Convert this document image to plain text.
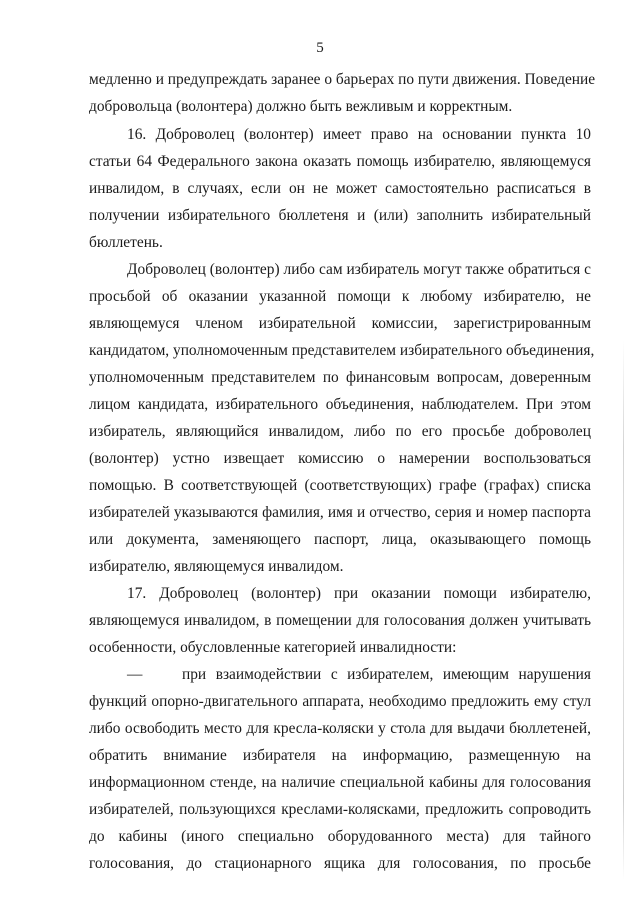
5
медленно и предупреждать заранее о барьерах по пути движения. Поведение
добровольца (волонтера) должно быть вежливым и корректным.
16. Доброволец (волонтер) имеет право на основании пункта 10
статьи 64 Федерального закона оказать помощь избирателю, являющемуся
инвалидом, в случаях, если он не может самостоятельно расписаться в
получении избирательного бюллетеня и (или) заполнить избирательный
бюллетень.
Доброволец (волонтер) либо сам избиратель могут также обратиться с
просьбой об оказании указанной помощи к любому избирателю, не
являющемуся членом избирательной комиссии, зарегистрированным
кандидатом, уполномоченным представителем избирательного объединения,
уполномоченным представителем по финансовым вопросам, доверенным
лицом кандидата, избирательного объединения, наблюдателем. При этом
избиратель, являющийся инвалидом, либо по его просьбе доброволец
(волонтер) устно извещает комиссию о намерении воспользоваться
помощью. В соответствующей (соответствующих) графе (графах) списка
избирателей указываются фамилия, имя и отчество, серия и номер паспорта
или документа, заменяющего паспорт, лица, оказывающего помощь
избирателю, являющемуся инвалидом.
17. Доброволец (волонтер) при оказании помощи избирателю,
являющемуся инвалидом, в помещении для голосования должен учитывать
особенности, обусловленные категорией инвалидности:
—	при взаимодействии с избирателем, имеющим нарушения
функций опорно-двигательного аппарата, необходимо предложить ему стул
либо освободить место для кресла-коляски у стола для выдачи бюллетеней,
обратить внимание избирателя на информацию, размещенную на
информационном стенде, на наличие специальной кабины для голосования
избирателей, пользующихся креслами-колясками, предложить сопроводить
до кабины (иного специально оборудованного места) для тайного
голосования, до стационарного ящика для голосования, по просьбе
